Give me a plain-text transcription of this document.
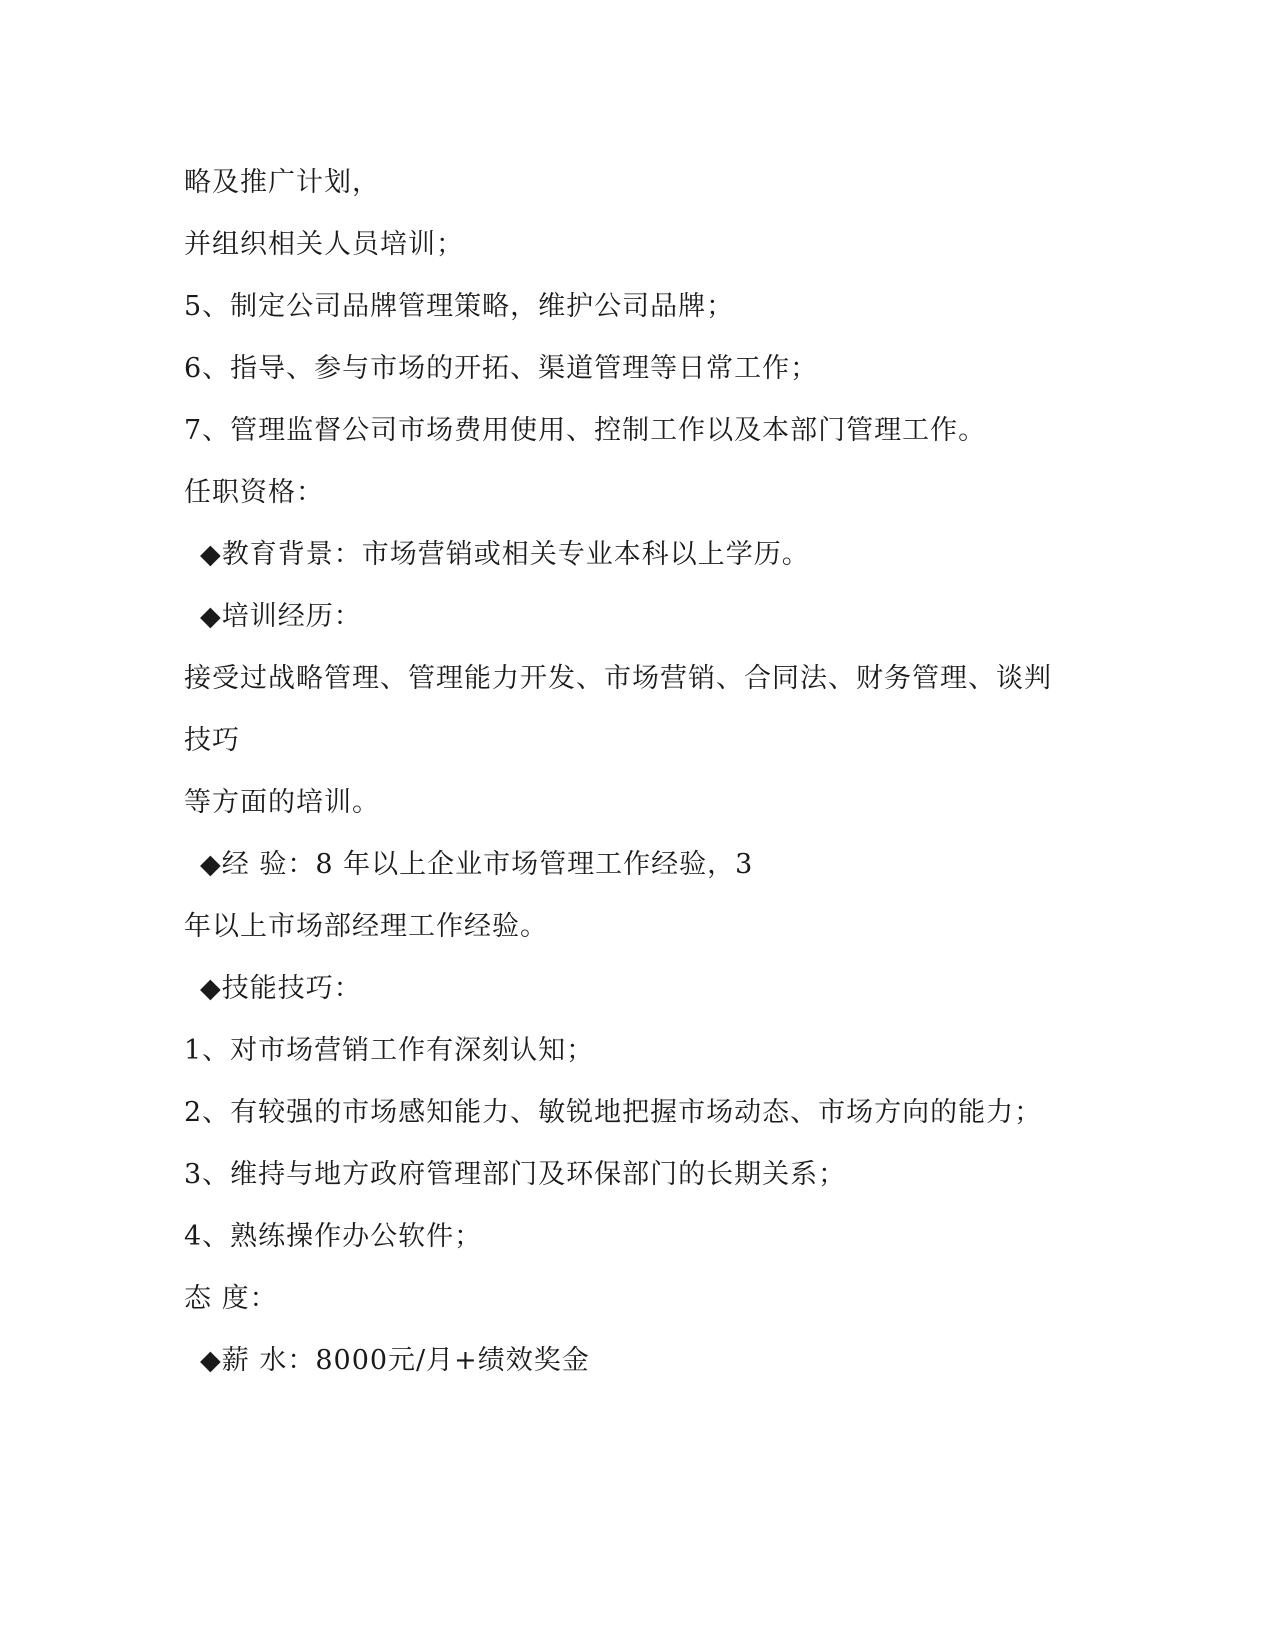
略及推广计划，
并组织相关人员培训；
5、制定公司品牌管理策略，维护公司品牌；
6、指导、参与市场的开拓、渠道管理等日常工作；
7、管理监督公司市场费用使用、控制工作以及本部门管理工作。
任职资格：
◆教育背景：市场营销或相关专业本科以上学历。
◆培训经历：
接受过战略管理、管理能力开发、市场营销、合同法、财务管理、谈判
技巧
等方面的培训。
◆经 验：8 年以上企业市场管理工作经验，3
年以上市场部经理工作经验。
◆技能技巧：
1、对市场营销工作有深刻认知；
2、有较强的市场感知能力、敏锐地把握市场动态、市场方向的能力；
3、维持与地方政府管理部门及环保部门的长期关系；
4、熟练操作办公软件；
态 度：
◆薪 水：8000元/月+绩效奖金
